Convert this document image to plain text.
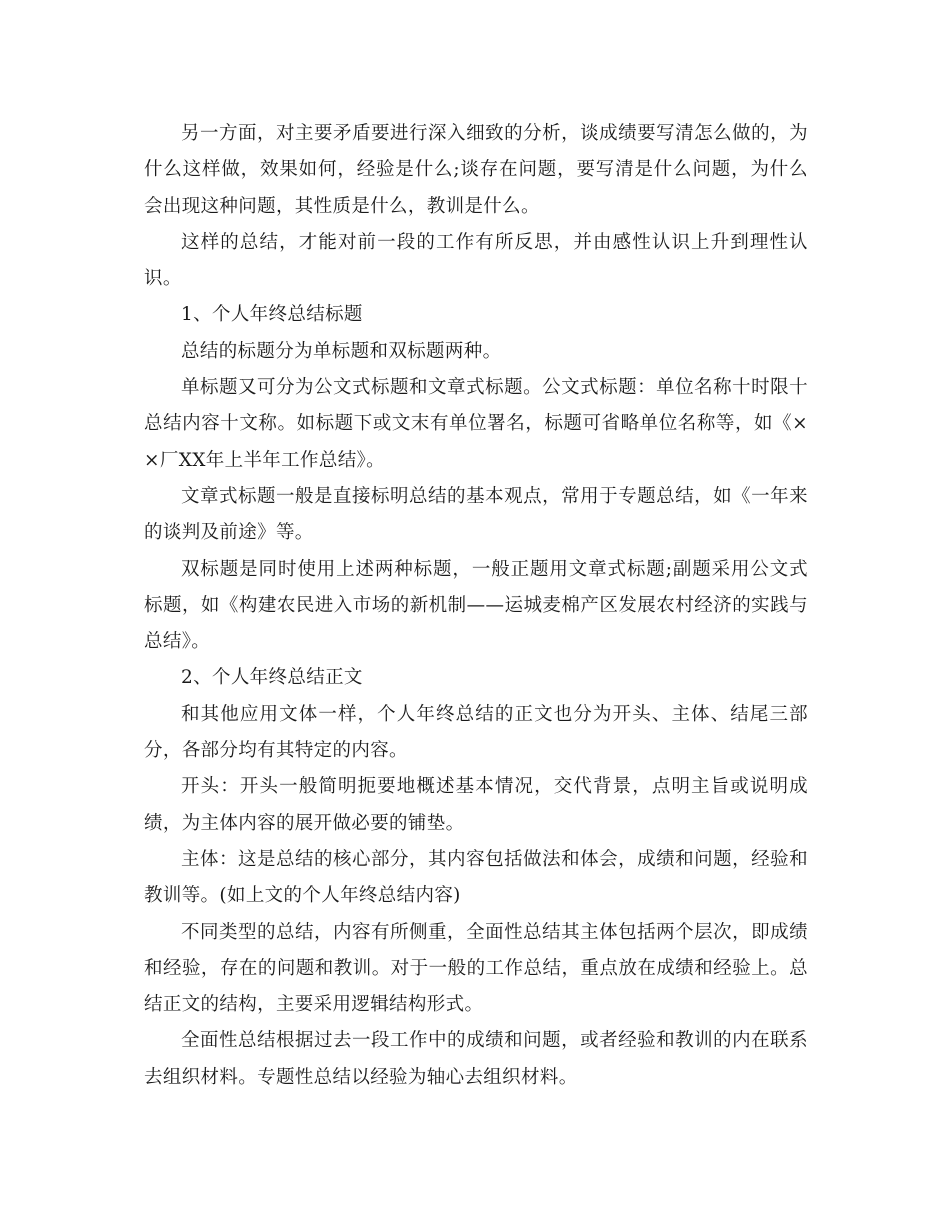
另一方面，对主要矛盾要进行深入细致的分析，谈成绩要写清怎么做的，为什么这样做，效果如何，经验是什么;谈存在问题，要写清是什么问题，为什么会出现这种问题，其性质是什么，教训是什么。

这样的总结，才能对前一段的工作有所反思，并由感性认识上升到理性认识。

1、个人年终总结标题

总结的标题分为单标题和双标题两种。

单标题又可分为公文式标题和文章式标题。公文式标题：单位名称十时限十总结内容十文称。如标题下或文末有单位署名，标题可省略单位名称等，如《××厂XX年上半年工作总结》。

文章式标题一般是直接标明总结的基本观点，常用于专题总结，如《一年来的谈判及前途》等。

双标题是同时使用上述两种标题，一般正题用文章式标题;副题采用公文式标题，如《构建农民进入市场的新机制——运城麦棉产区发展农村经济的实践与总结》。

2、个人年终总结正文

和其他应用文体一样，个人年终总结的正文也分为开头、主体、结尾三部分，各部分均有其特定的内容。

开头：开头一般简明扼要地概述基本情况，交代背景，点明主旨或说明成绩，为主体内容的展开做必要的铺垫。

主体：这是总结的核心部分，其内容包括做法和体会，成绩和问题，经验和教训等。(如上文的个人年终总结内容)

不同类型的总结，内容有所侧重，全面性总结其主体包括两个层次，即成绩和经验，存在的问题和教训。对于一般的工作总结，重点放在成绩和经验上。总结正文的结构，主要采用逻辑结构形式。

全面性总结根据过去一段工作中的成绩和问题，或者经验和教训的内在联系去组织材料。专题性总结以经验为轴心去组织材料。
